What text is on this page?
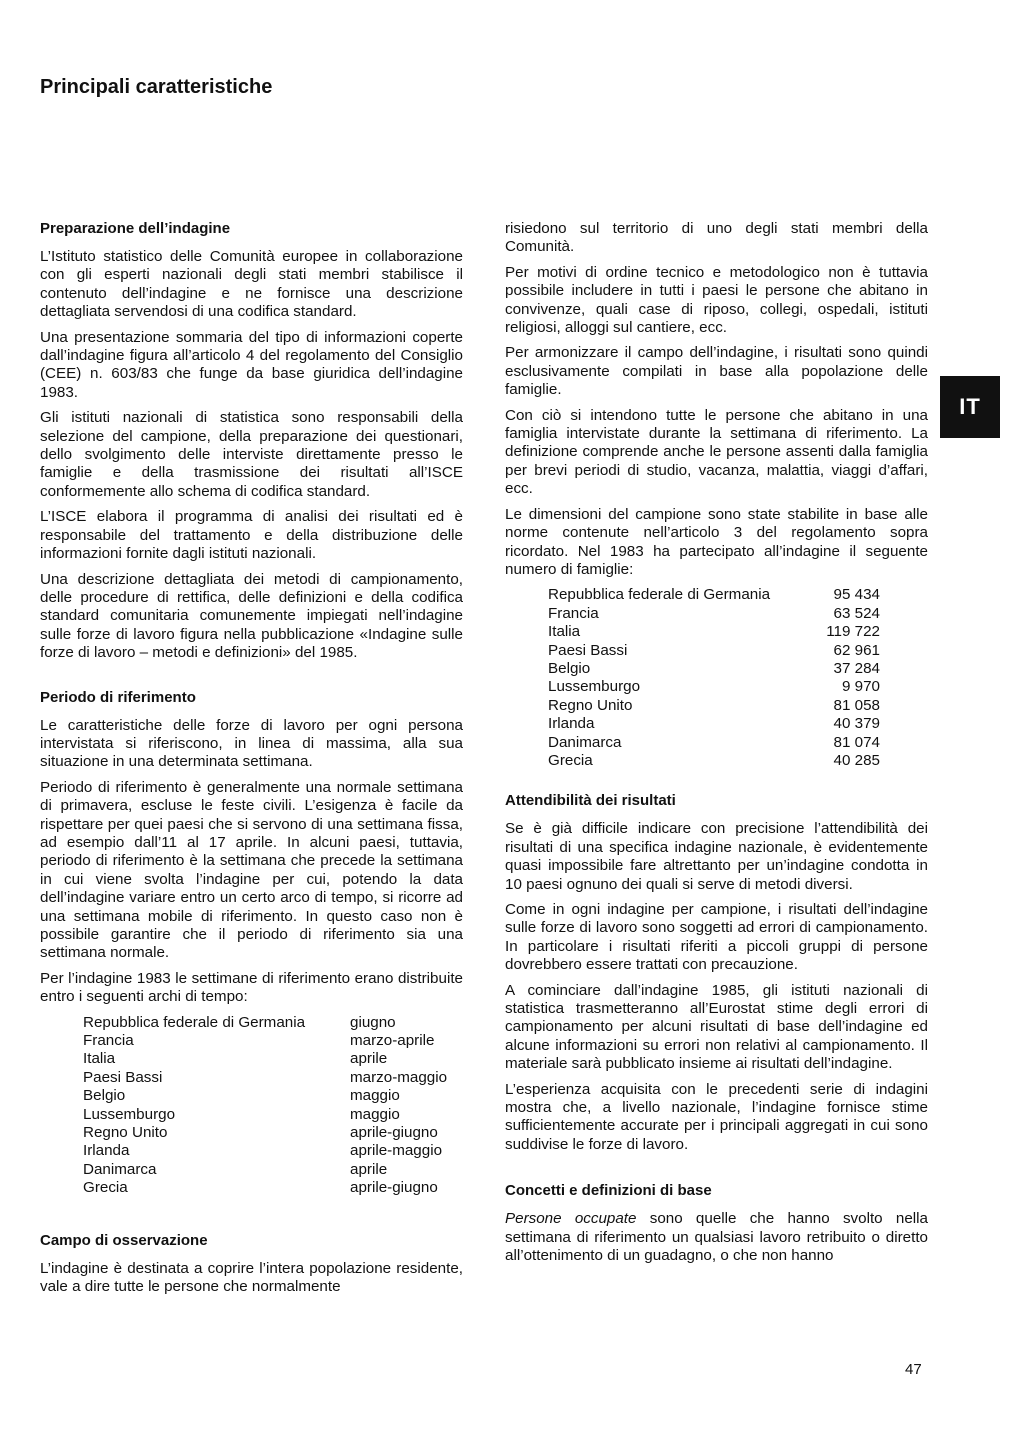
Principali caratteristiche
IT
Preparazione dell’indagine

L’Istituto statistico delle Comunità europee in collaborazione con gli esperti nazionali degli stati membri stabilisce il contenuto dell’indagine e ne fornisce una descrizione dettagliata servendosi di una codifica standard.

Una presentazione sommaria del tipo di informazioni coperte dall’indagine figura all’articolo 4 del regolamento del Consiglio (CEE) n. 603/83 che funge da base giuridica dell’indagine 1983.

Gli istituti nazionali di statistica sono responsabili della selezione del campione, della preparazione dei questionari, dello svolgimento delle interviste direttamente presso le famiglie e della trasmissione dei risultati all’ISCE conformemente allo schema di codifica standard.

L’ISCE elabora il programma di analisi dei risultati ed è responsabile del trattamento e della distribuzione delle informazioni fornite dagli istituti nazionali.

Una descrizione dettagliata dei metodi di campionamento, delle procedure di rettifica, delle definizioni e della codifica standard comunitaria comunemente impiegati nell’indagine sulle forze di lavoro figura nella pubblicazione «Indagine sulle forze di lavoro – metodi e definizioni» del 1985.

Periodo di riferimento

Le caratteristiche delle forze di lavoro per ogni persona intervistata si riferiscono, in linea di massima, alla sua situazione in una determinata settimana.

Periodo di riferimento è generalmente una normale settimana di primavera, escluse le feste civili. L’esigenza è facile da rispettare per quei paesi che si servono di una settimana fissa, ad esempio dall’11 al 17 aprile. In alcuni paesi, tuttavia, periodo di riferimento è la settimana che precede la settimana in cui viene svolta l’indagine per cui, potendo la data dell’indagine variare entro un certo arco di tempo, si ricorre ad una settimana mobile di riferimento. In questo caso non è possibile garantire che il periodo di riferimento sia una settimana normale.

Per l’indagine 1983 le settimane di riferimento erano distribuite entro i seguenti archi di tempo:

Repubblica federale di Germania	giugno
Francia	marzo-aprile
Italia	aprile
Paesi Bassi	marzo-maggio
Belgio	maggio
Lussemburgo	maggio
Regno Unito	aprile-giugno
Irlanda	aprile-maggio
Danimarca	aprile
Grecia	aprile-giugno
Campo di osservazione

L’indagine è destinata a coprire l’intera popolazione residente, vale a dire tutte le persone che normalmente

risiedono sul territorio di uno degli stati membri della Comunità.

Per motivi di ordine tecnico e metodologico non è tuttavia possibile includere in tutti i paesi le persone che abitano in convivenze, quali case di riposo, collegi, ospedali, istituti religiosi, alloggi sul cantiere, ecc.

Per armonizzare il campo dell’indagine, i risultati sono quindi esclusivamente compilati in base alla popolazione delle famiglie.

Con ciò si intendono tutte le persone che abitano in una famiglia intervistate durante la settimana di riferimento. La definizione comprende anche le persone assenti dalla famiglia per brevi periodi di studio, vacanza, malattia, viaggi d’affari, ecc.

Le dimensioni del campione sono state stabilite in base alle norme contenute nell’articolo 3 del regolamento sopra ricordato. Nel 1983 ha partecipato all’indagine il seguente numero di famiglie:

Repubblica federale di Germania	95 434
Francia	63 524
Italia	119 722
Paesi Bassi	62 961
Belgio	37 284
Lussemburgo	9 970
Regno Unito	81 058
Irlanda	40 379
Danimarca	81 074
Grecia	40 285
Attendibilità dei risultati

Se è già difficile indicare con precisione l’attendibilità dei risultati di una specifica indagine nazionale, è evidentemente quasi impossibile fare altrettanto per un’indagine condotta in 10 paesi ognuno dei quali si serve di metodi diversi.

Come in ogni indagine per campione, i risultati dell’indagine sulle forze di lavoro sono soggetti ad errori di campionamento. In particolare i risultati riferiti a piccoli gruppi di persone dovrebbero essere trattati con precauzione.

A cominciare dall’indagine 1985, gli istituti nazionali di statistica trasmetteranno all’Eurostat stime degli errori di campionamento per alcuni risultati di base dell’indagine ed alcune informazioni su errori non relativi al campionamento. Il materiale sarà pubblicato insieme ai risultati dell’indagine.

L’esperienza acquisita con le precedenti serie di indagini mostra che, a livello nazionale, l’indagine fornisce stime sufficientemente accurate per i principali aggregati in cui sono suddivise le forze di lavoro.

Concetti e definizioni di base

Persone occupate sono quelle che hanno svolto nella settimana di riferimento un qualsiasi lavoro retribuito o diretto all’ottenimento di un guadagno, o che non hanno

47
